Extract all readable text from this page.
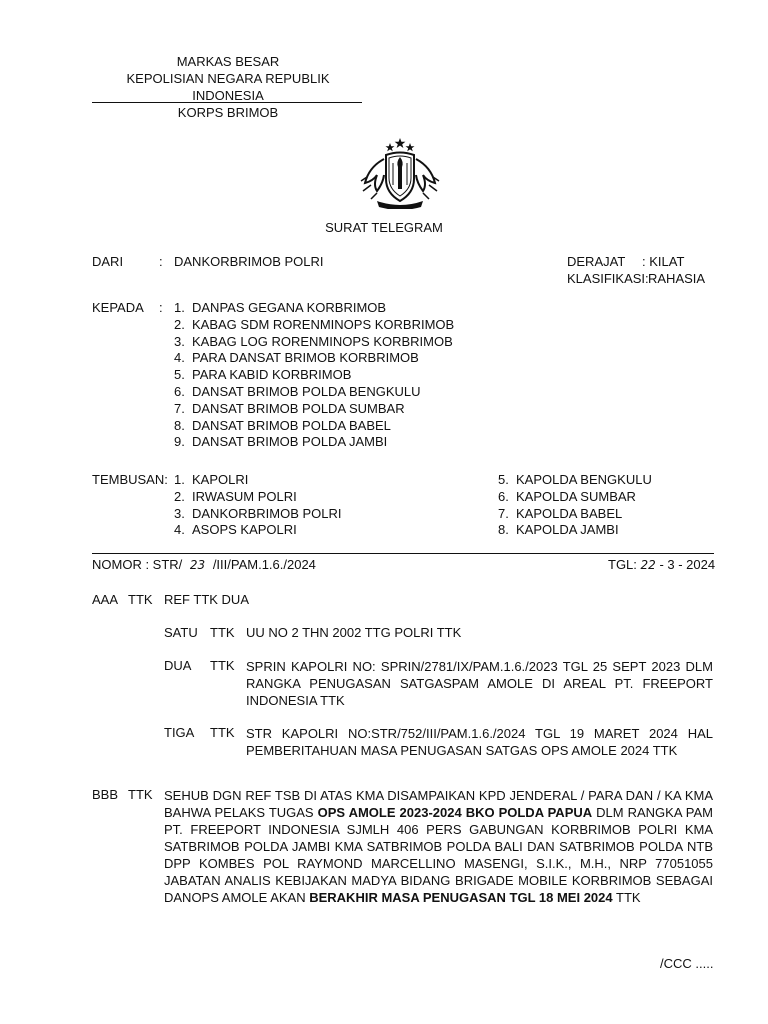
MARKAS BESAR
KEPOLISIAN NEGARA REPUBLIK INDONESIA
KORPS BRIMOB
SURAT TELEGRAM
DARI	: DANKORBRIMOB POLRI	DERAJAT : KILAT
KLASIFIKASI: RAHASIA
KEPADA : 1. DANPAS GEGANA KORBRIMOB
2. KABAG SDM RORENMINOPS KORBRIMOB
3. KABAG LOG RORENMINOPS KORBRIMOB
4. PARA DANSAT BRIMOB KORBRIMOB
5. PARA KABID KORBRIMOB
6. DANSAT BRIMOB POLDA BENGKULU
7. DANSAT BRIMOB POLDA SUMBAR
8. DANSAT BRIMOB POLDA BABEL
9. DANSAT BRIMOB POLDA JAMBI
TEMBUSAN: 1. KAPOLRI
2. IRWASUM POLRI
3. DANKORBRIMOB POLRI
4. ASOPS KAPOLRI
5. KAPOLDA BENGKULU
6. KAPOLDA SUMBAR
7. KAPOLDA BABEL
8. KAPOLDA JAMBI
NOMOR : STR/ 23 /III/PAM.1.6./2024	TGL: 22 - 3 - 2024
AAA TTK REF TTK DUA
SATU TTK UU NO 2 THN 2002 TTG POLRI TTK
DUA TTK SPRIN KAPOLRI NO: SPRIN/2781/IX/PAM.1.6./2023 TGL 25 SEPT 2023 DLM RANGKA PENUGASAN SATGASPAM AMOLE DI AREAL PT. FREEPORT INDONESIA TTK
TIGA TTK STR KAPOLRI NO:STR/752/III/PAM.1.6./2024 TGL 19 MARET 2024 HAL PEMBERITAHUAN MASA PENUGASAN SATGAS OPS AMOLE 2024 TTK
BBB TTK SEHUB DGN REF TSB DI ATAS KMA DISAMPAIKAN KPD JENDERAL / PARA DAN / KA KMA BAHWA PELAKS TUGAS OPS AMOLE 2023-2024 BKO POLDA PAPUA DLM RANGKA PAM PT. FREEPORT INDONESIA SJMLH 406 PERS GABUNGAN KORBRIMOB POLRI KMA SATBRIMOB POLDA JAMBI KMA SATBRIMOB POLDA BALI DAN SATBRIMOB POLDA NTB DPP KOMBES POL RAYMOND MARCELLINO MASENGI, S.I.K., M.H., NRP 77051055 JABATAN ANALIS KEBIJAKAN MADYA BIDANG BRIGADE MOBILE KORBRIMOB SEBAGAI DANOPS AMOLE AKAN BERAKHIR MASA PENUGASAN TGL 18 MEI 2024 TTK
/CCC .....
